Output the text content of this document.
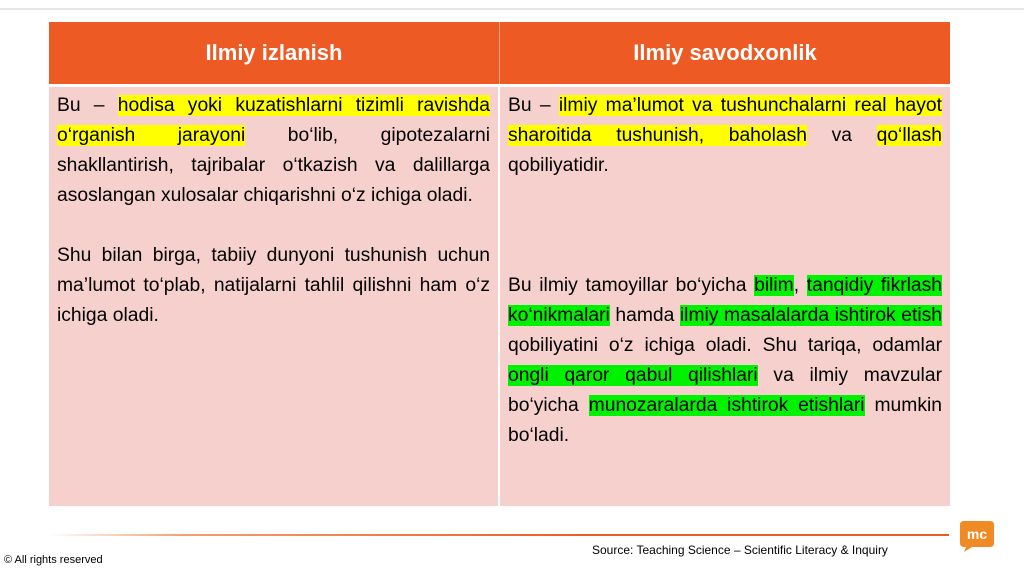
Ilmiy izlanish	Ilmiy savodxonlik

Bu – hodisa yoki kuzatishlarni tizimli ravishda o‘rganish jarayoni bo‘lib, gipotezalarni shakllantirish, tajribalar o‘tkazish va dalillarga asoslangan xulosalar chiqarishni o‘z ichiga oladi.

Shu bilan birga, tabiiy dunyoni tushunish uchun ma’lumot to‘plab, natijalarni tahlil qilishni ham o‘z ichiga oladi.

Bu – ilmiy ma’lumot va tushunchalarni real hayot sharoitida tushunish, baholash va qo‘llash qobiliyatidir.

Bu ilmiy tamoyillar bo‘yicha bilim, tanqidiy fikrlash ko‘nikmalari hamda ilmiy masalalarda ishtirok etish qobiliyatini o‘z ichiga oladi. Shu tariqa, odamlar ongli qaror qabul qilishlari va ilmiy mavzular bo‘yicha munozaralarda ishtirok etishlari mumkin bo‘ladi.

Source: Teaching Science – Scientific Literacy & Inquiry
© All rights reserved
mc
